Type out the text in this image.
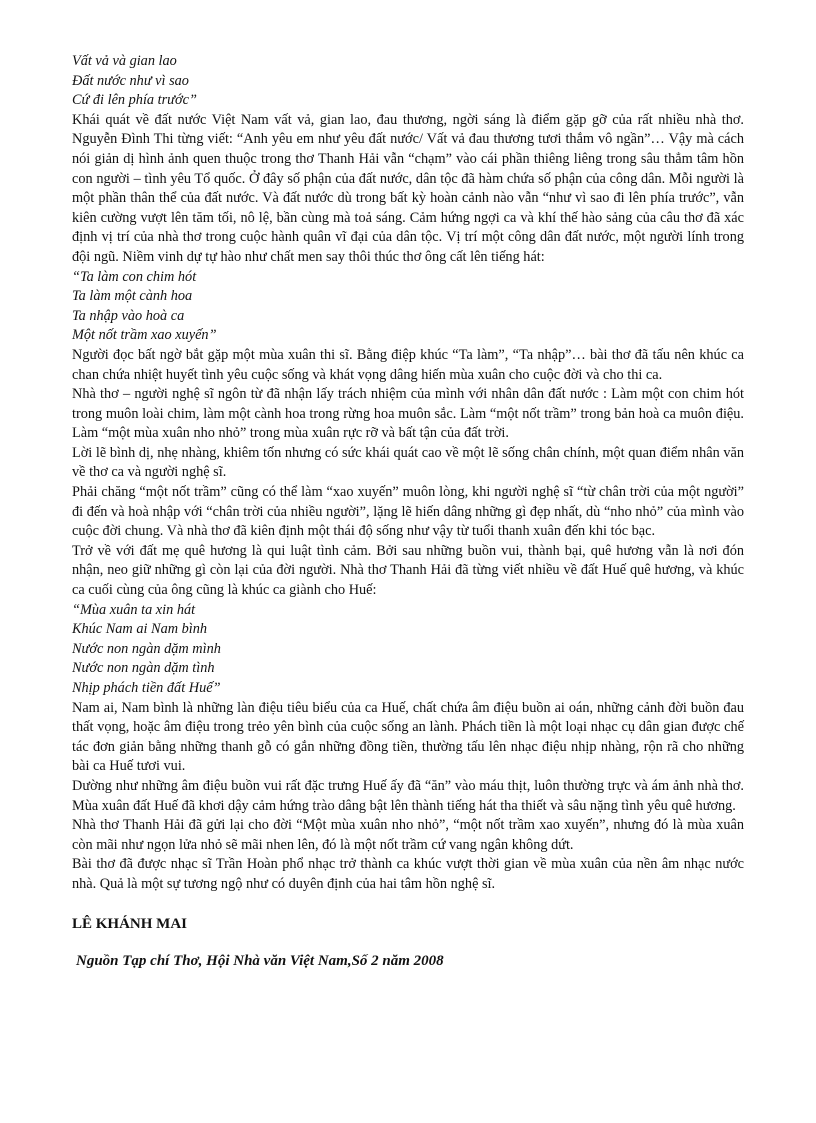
Vất vả và gian lao

Đất nước như vì sao

Cứ đi lên phía trước”

Khái quát về đất nước Việt Nam vất vả, gian lao, đau thương, ngời sáng là điểm gặp gỡ của rất nhiều nhà thơ. Nguyễn Đình Thi từng viết: “Anh yêu em như yêu đất nước/ Vất vả đau thương tươi thắm vô ngần”… Vậy mà cách nói giản dị hình ảnh quen thuộc trong thơ Thanh Hải vẫn “chạm” vào cái phần thiêng liêng trong sâu thẳm tâm hồn con người – tình yêu Tổ quốc. Ở đây số phận của đất nước, dân tộc đã hàm chứa số phận của công dân. Mỗi người là một phần thân thể của đất nước. Và đất nước dù trong bất kỳ hoàn cảnh nào vẫn “như vì sao đi lên phía trước”, vẫn kiên cường vượt lên tăm tối, nô lệ, bần cùng mà toả sáng. Cảm hứng ngợi ca và khí thế hào sảng của câu thơ đã xác định vị trí của nhà thơ trong cuộc hành quân vĩ đại của dân tộc. Vị trí một công dân đất nước, một người lính trong đội ngũ. Niềm vinh dự tự hào như chất men say thôi thúc thơ ông cất lên tiếng hát:

“Ta làm con chim hót

Ta làm một cành hoa

Ta nhập vào hoà ca

Một nốt trầm xao xuyến”

Người đọc bất ngờ bắt gặp một mùa xuân thi sĩ. Bằng điệp khúc “Ta làm”, “Ta nhập”… bài thơ đã tấu nên khúc ca chan chứa nhiệt huyết tình yêu cuộc sống và khát vọng dâng hiến mùa xuân cho cuộc đời và cho thi ca.

Nhà thơ – người nghệ sĩ ngôn từ đã nhận lấy trách nhiệm của mình với nhân dân đất nước : Làm một con chim hót trong muôn loài chim, làm một cành hoa trong rừng hoa muôn sắc. Làm “một nốt trầm” trong bản hoà ca muôn điệu. Làm “một mùa xuân nho nhỏ” trong mùa xuân rực rỡ và bất tận của đất trời.

Lời lẽ bình dị, nhẹ nhàng, khiêm tốn nhưng có sức khái quát cao về một lẽ sống chân chính, một quan điểm nhân văn về thơ ca và người nghệ sĩ.

Phải chăng “một nốt trầm” cũng có thể làm “xao xuyến” muôn lòng, khi người nghệ sĩ “từ chân trời của một người” đi đến và hoà nhập với “chân trời của nhiều người”, lặng lẽ hiến dâng những gì đẹp nhất, dù “nho nhỏ” của mình vào cuộc đời chung. Và nhà thơ đã kiên định một thái độ sống như vậy từ tuổi thanh xuân đến khi tóc bạc.

Trở về với đất mẹ quê hương là qui luật tình cảm. Bởi sau những buồn vui, thành bại, quê hương vẫn là nơi đón nhận, neo giữ những gì còn lại của đời người. Nhà thơ Thanh Hải đã từng viết nhiều về đất Huế quê hương, và khúc ca cuối cùng của ông cũng là khúc ca giành cho Huế:

“Mùa xuân ta xin hát

Khúc Nam ai Nam bình

Nước non ngàn dặm mình

Nước non ngàn dặm tình

Nhịp phách tiền đất Huế”

Nam ai, Nam bình là những làn điệu tiêu biểu của ca Huế, chất chứa âm điệu buồn ai oán, những cảnh đời buồn đau thất vọng, hoặc âm điệu trong trẻo yên bình của cuộc sống an lành. Phách tiền là một loại nhạc cụ dân gian được chế tác đơn giản bằng những thanh gỗ có gắn những đồng tiền, thường tấu lên nhạc điệu nhịp nhàng, rộn rã cho những bài ca Huế tươi vui.

Dường như những âm điệu buồn vui rất đặc trưng Huế ấy đã “ăn” vào máu thịt, luôn thường trực và ám ảnh nhà thơ. Mùa xuân đất Huế đã khơi dậy cảm hứng trào dâng bật lên thành tiếng hát tha thiết và sâu nặng tình yêu quê hương.

Nhà thơ Thanh Hải đã gửi lại cho đời “Một mùa xuân nho nhỏ”, “một nốt trầm xao xuyến”, nhưng đó là mùa xuân còn mãi như ngọn lửa nhỏ sẽ mãi nhen lên, đó là một nốt trầm cứ vang ngân không dứt.

Bài thơ đã được nhạc sĩ Trần Hoàn phổ nhạc trở thành ca khúc vượt thời gian về mùa xuân của nền âm nhạc nước nhà. Quả là một sự tương ngộ như có duyên định của hai tâm hồn nghệ sĩ.

LÊ KHÁNH MAI

Nguồn Tạp chí Thơ, Hội Nhà văn Việt Nam,Số 2 năm 2008
